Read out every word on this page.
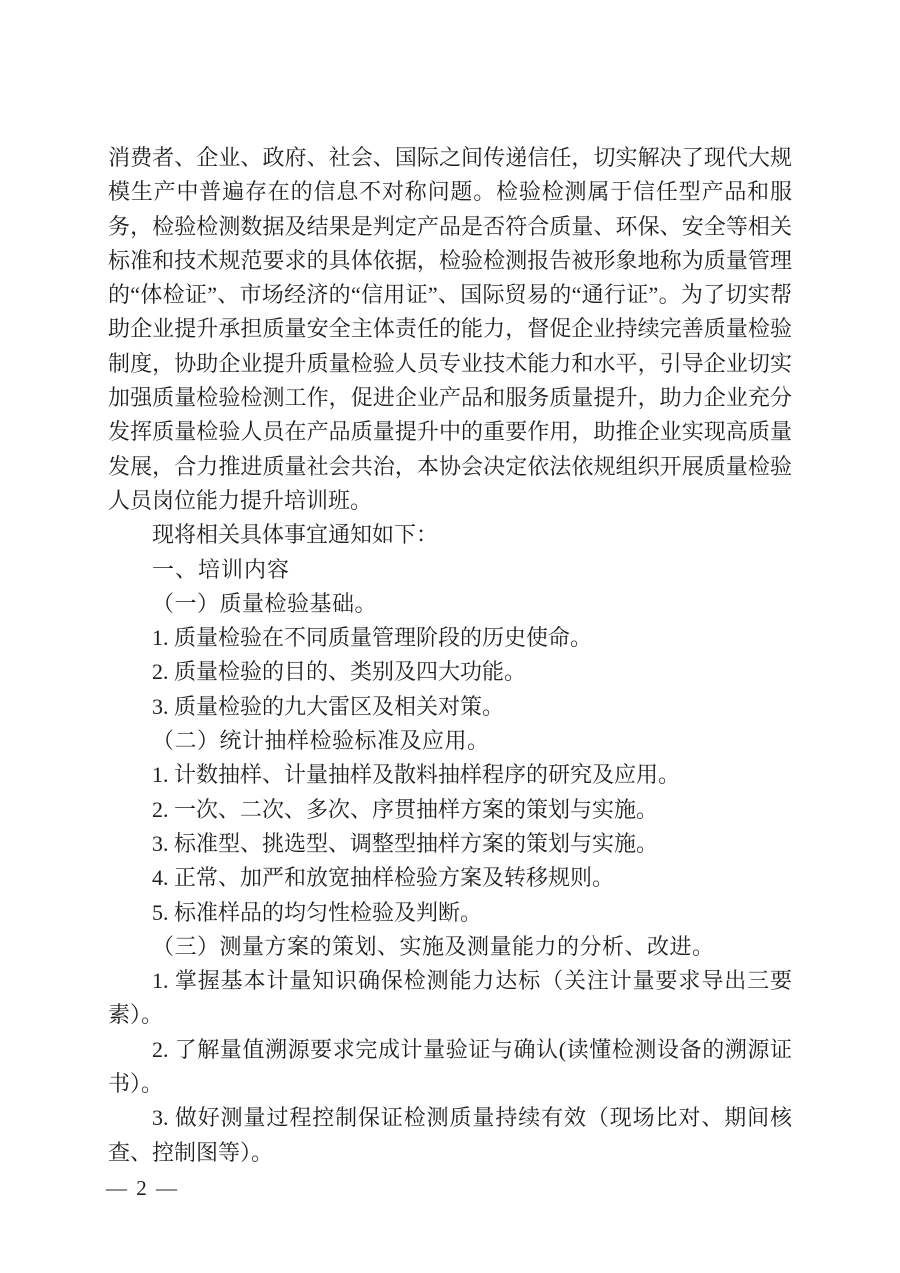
消费者、企业、政府、社会、国际之间传递信任，切实解决了现代大规模生产中普遍存在的信息不对称问题。检验检测属于信任型产品和服务，检验检测数据及结果是判定产品是否符合质量、环保、安全等相关标准和技术规范要求的具体依据，检验检测报告被形象地称为质量管理的“体检证”、市场经济的“信用证”、国际贸易的“通行证”。为了切实帮助企业提升承担质量安全主体责任的能力，督促企业持续完善质量检验制度，协助企业提升质量检验人员专业技术能力和水平，引导企业切实加强质量检验检测工作，促进企业产品和服务质量提升，助力企业充分发挥质量检验人员在产品质量提升中的重要作用，助推企业实现高质量发展，合力推进质量社会共治，本协会决定依法依规组织开展质量检验人员岗位能力提升培训班。

现将相关具体事宜通知如下：

一、培训内容
（一）质量检验基础。

1. 质量检验在不同质量管理阶段的历史使命。

2. 质量检验的目的、类别及四大功能。

3. 质量检验的九大雷区及相关对策。

（二）统计抽样检验标准及应用。

1. 计数抽样、计量抽样及散料抽样程序的研究及应用。

2. 一次、二次、多次、序贯抽样方案的策划与实施。

3. 标准型、挑选型、调整型抽样方案的策划与实施。

4. 正常、加严和放宽抽样检验方案及转移规则。

5. 标准样品的均匀性检验及判断。

（三）测量方案的策划、实施及测量能力的分析、改进。

1. 掌握基本计量知识确保检测能力达标（关注计量要求导出三要素）。

2. 了解量值溯源要求完成计量验证与确认(读懂检测设备的溯源证书）。

3. 做好测量过程控制保证检测质量持续有效（现场比对、期间核查、控制图等）。

— 2 —
